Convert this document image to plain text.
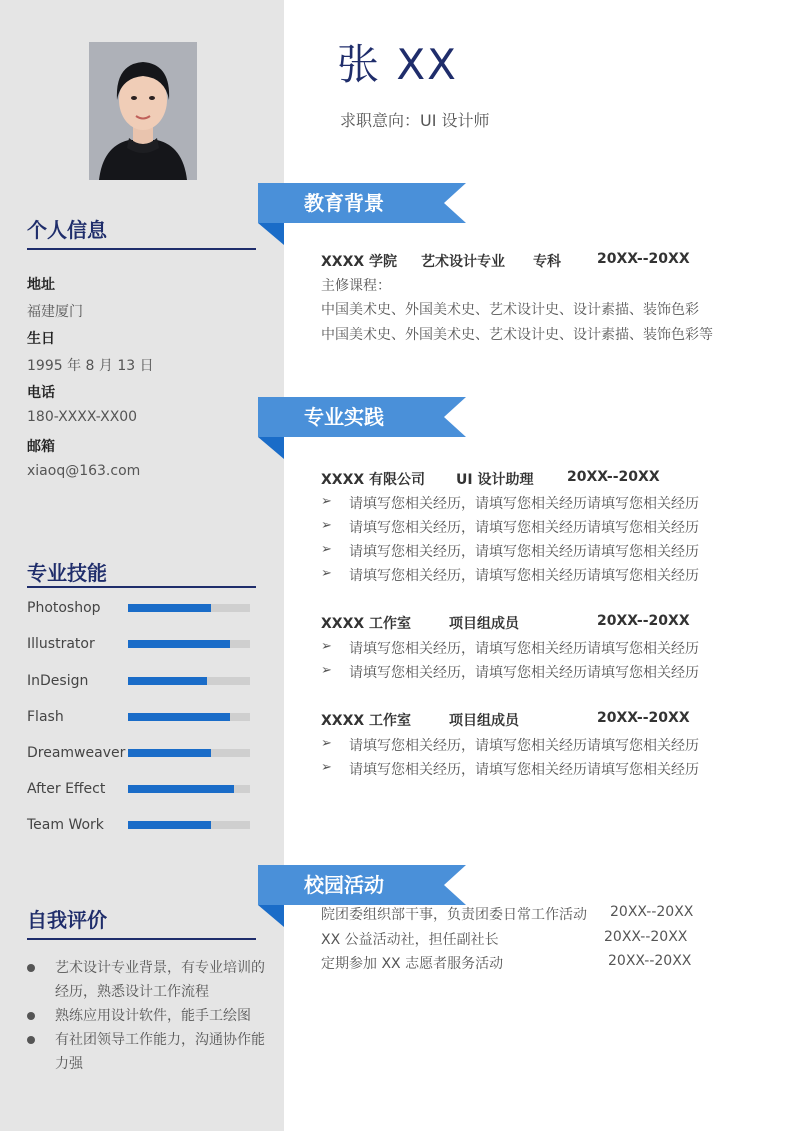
个人信息
地址
福建厦门
生日
1995 年 8 月 13 日
电话
180-XXXX-XX00
邮箱
xiaoq@163.com
专业技能
Photoshop
Illustrator
InDesign
Flash
Dreamweaver
After Effect
Team Work
自我评价
艺术设计专业背景，有专业培训的
经历，熟悉设计工作流程
熟练应用设计软件，能手工绘图
有社团领导工作能力，沟通协作能
力强
张 XX
求职意向：UI 设计师
教育背景
XXXX 学院 艺术设计专业 专科	20XX--20XX
主修课程：
中国美术史、外国美术史、艺术设计史、设计素描、装饰色彩
中国美术史、外国美术史、艺术设计史、设计素描、装饰色彩等
专业实践
XXXX 有限公司 UI 设计助理 20XX--20XX
➢ 请填写您相关经历，请填写您相关经历请填写您相关经历
➢ 请填写您相关经历，请填写您相关经历请填写您相关经历
➢ 请填写您相关经历，请填写您相关经历请填写您相关经历
➢ 请填写您相关经历，请填写您相关经历请填写您相关经历
XXXX 工作室	项目组成员	20XX--20XX
➢ 请填写您相关经历，请填写您相关经历请填写您相关经历
➢ 请填写您相关经历，请填写您相关经历请填写您相关经历
XXXX 工作室	项目组成员	20XX--20XX
➢ 请填写您相关经历，请填写您相关经历请填写您相关经历
➢ 请填写您相关经历，请填写您相关经历请填写您相关经历
校园活动
院团委组织部干事，负责团委日常工作活动 20XX--20XX
XX 公益活动社，担任副社长	20XX--20XX
定期参加 XX 志愿者服务活动	20XX--20XX
